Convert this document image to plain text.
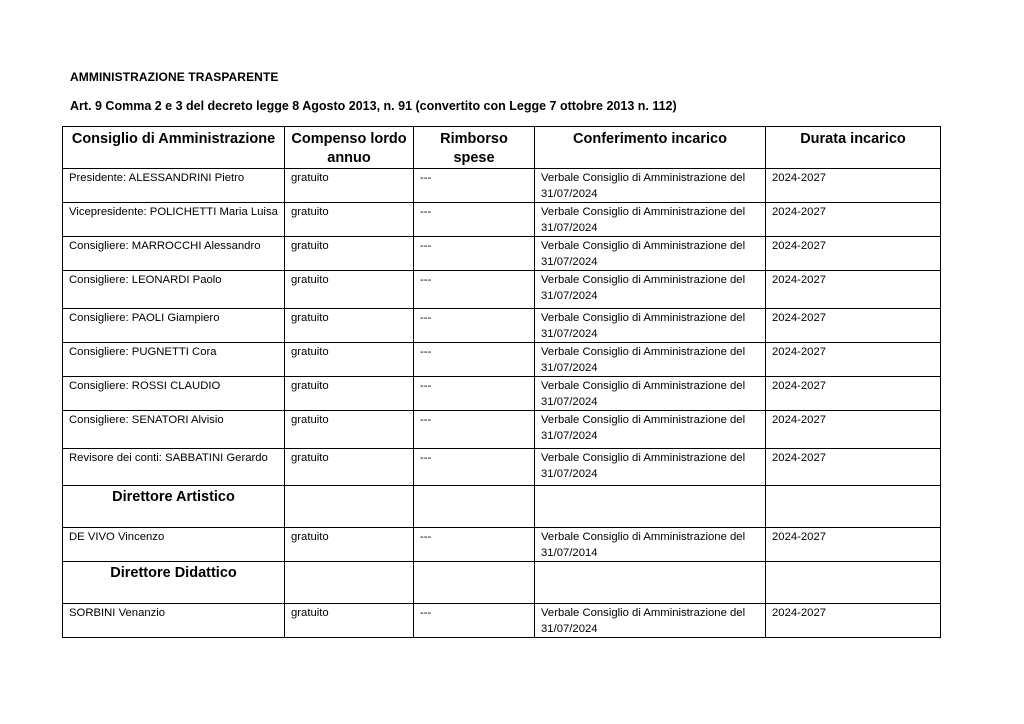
AMMINISTRAZIONE TRASPARENTE
Art. 9 Comma 2 e 3 del decreto legge 8 Agosto 2013, n. 91 (convertito con Legge 7 ottobre 2013 n. 112)
Consiglio di Amministrazione	Compenso lordo annuo	Rimborso spese	Conferimento incarico	Durata incarico
Presidente: ALESSANDRINI Pietro	gratuito	---	Verbale Consiglio di Amministrazione del 31/07/2024	2024-2027
Vicepresidente: POLICHETTI Maria Luisa	gratuito	---	Verbale Consiglio di Amministrazione del 31/07/2024	2024-2027
Consigliere: MARROCCHI Alessandro	gratuito	---	Verbale Consiglio di Amministrazione del 31/07/2024	2024-2027
Consigliere: LEONARDI Paolo	gratuito	---	Verbale Consiglio di Amministrazione del 31/07/2024	2024-2027
Consigliere: PAOLI Giampiero	gratuito	---	Verbale Consiglio di Amministrazione del 31/07/2024	2024-2027
Consigliere: PUGNETTI Cora	gratuito	---	Verbale Consiglio di Amministrazione del 31/07/2024	2024-2027
Consigliere: ROSSI CLAUDIO	gratuito	---	Verbale Consiglio di Amministrazione del 31/07/2024	2024-2027
Consigliere: SENATORI Alvisio	gratuito	---	Verbale Consiglio di Amministrazione del 31/07/2024	2024-2027
Revisore dei conti: SABBATINI Gerardo	gratuito	---	Verbale Consiglio di Amministrazione del 31/07/2024	2024-2027
Direttore Artistico				
DE VIVO Vincenzo	gratuito	---	Verbale Consiglio di Amministrazione del 31/07/2014	2024-2027
Direttore Didattico				
SORBINI Venanzio	gratuito	---	Verbale Consiglio di Amministrazione del 31/07/2024	2024-2027
